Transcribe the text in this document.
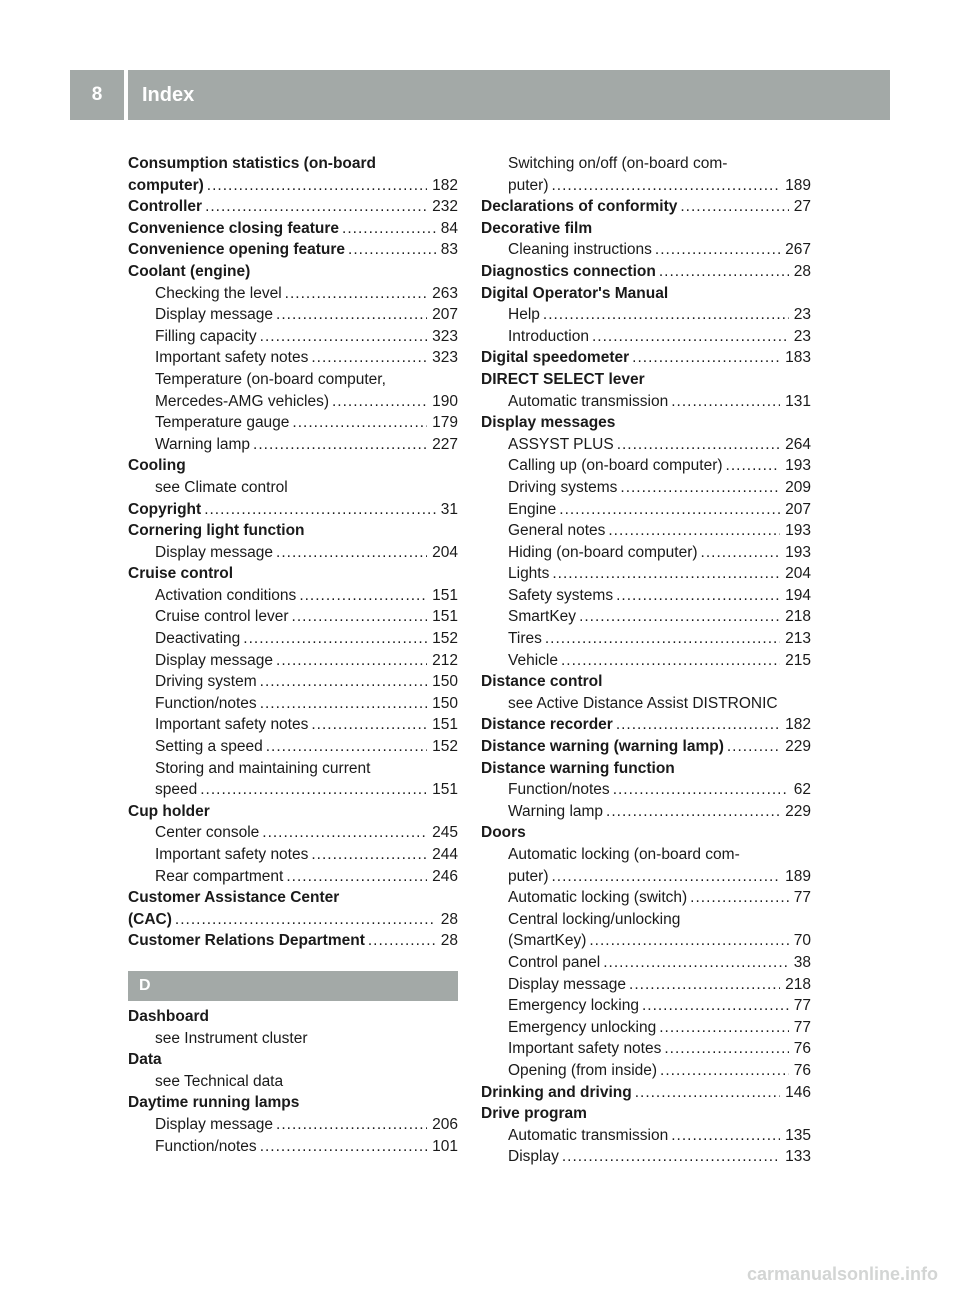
8	Index
Consumption statistics (on-board
computer) .....	182
Controller .....	232
Convenience closing feature .....	84
Convenience opening feature .....	83
Coolant (engine)
Checking the level .....	263
Display message .....	207
Filling capacity .....	323
Important safety notes .....	323
Temperature (on-board computer,
Mercedes-AMG vehicles) .....	190
Temperature gauge .....	179
Warning lamp .....	227
Cooling
see Climate control
Copyright .....	31
Cornering light function
Display message .....	204
Cruise control
Activation conditions .....	151
Cruise control lever .....	151
Deactivating .....	152
Display message .....	212
Driving system .....	150
Function/notes .....	150
Important safety notes .....	151
Setting a speed .....	152
Storing and maintaining current
speed .....	151
Cup holder
Center console .....	245
Important safety notes .....	244
Rear compartment .....	246
Customer Assistance Center
(CAC) .....	28
Customer Relations Department .....	28
D
Dashboard
see Instrument cluster
Data
see Technical data
Daytime running lamps
Display message .....	206
Function/notes .....	101
Switching on/off (on-board com-
puter) .....	189
Declarations of conformity .....	27
Decorative film
Cleaning instructions .....	267
Diagnostics connection .....	28
Digital Operator's Manual
Help .....	23
Introduction .....	23
Digital speedometer .....	183
DIRECT SELECT lever
Automatic transmission .....	131
Display messages
ASSYST PLUS .....	264
Calling up (on-board computer) .....	193
Driving systems .....	209
Engine .....	207
General notes .....	193
Hiding (on-board computer) .....	193
Lights .....	204
Safety systems .....	194
SmartKey .....	218
Tires .....	213
Vehicle .....	215
Distance control
see Active Distance Assist DISTRONIC
Distance recorder .....	182
Distance warning (warning lamp) .....	229
Distance warning function
Function/notes .....	62
Warning lamp .....	229
Doors
Automatic locking (on-board com-
puter) .....	189
Automatic locking (switch) .....	77
Central locking/unlocking
(SmartKey) .....	70
Control panel .....	38
Display message .....	218
Emergency locking .....	77
Emergency unlocking .....	77
Important safety notes .....	76
Opening (from inside) .....	76
Drinking and driving .....	146
Drive program
Automatic transmission .....	135
Display .....	133
carmanualsonline.info
